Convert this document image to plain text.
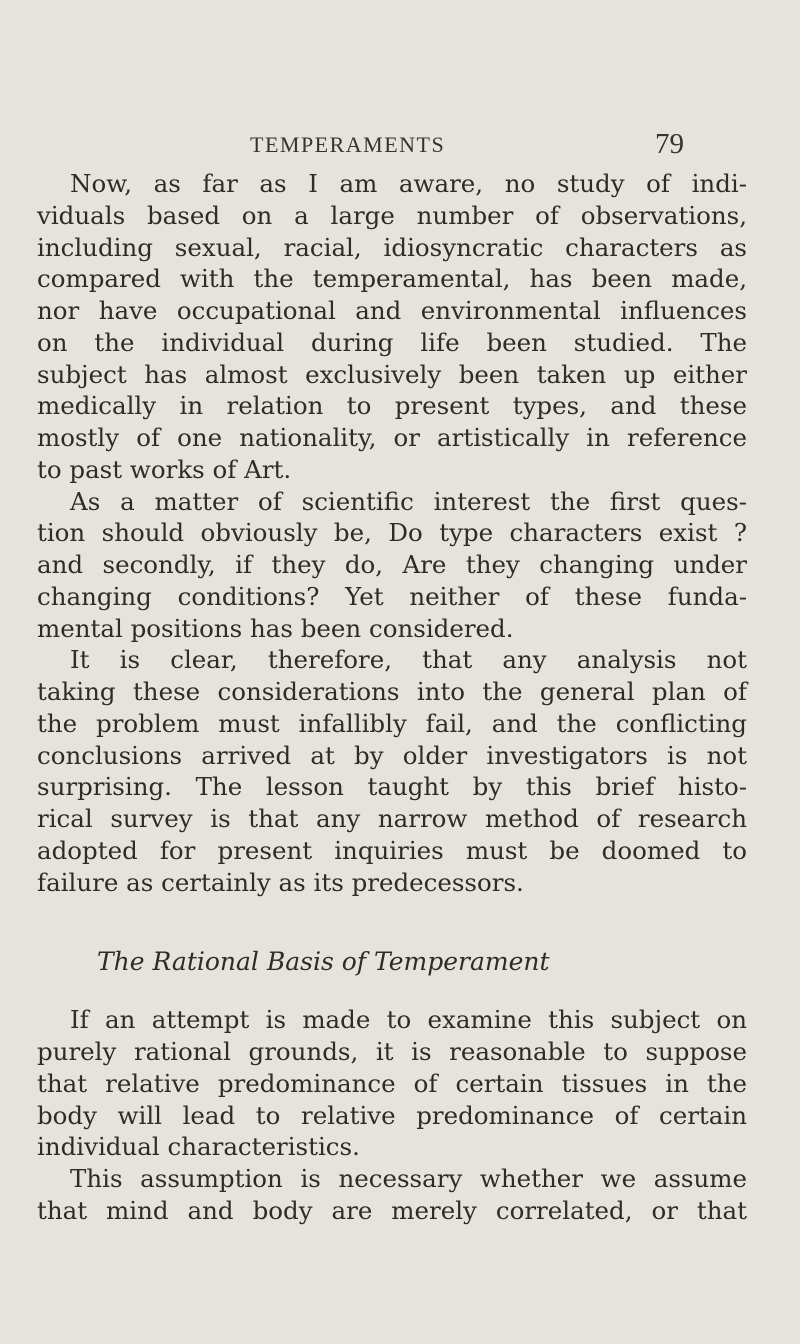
TEMPERAMENTS	79
Now, as far as I am aware, no study of indi-
viduals based on a large number of observations,
including sexual, racial, idiosyncratic characters as
compared with the temperamental, has been made,
nor have occupational and environmental influences
on the individual during life been studied. The
subject has almost exclusively been taken up either
medically in relation to present types, and these
mostly of one nationality, or artistically in reference
to past works of Art.
As a matter of scientific interest the first ques-
tion should obviously be, Do type characters exist ?
and secondly, if they do, Are they changing under
changing conditions? Yet neither of these funda-
mental positions has been considered.
It is clear, therefore, that any analysis not
taking these considerations into the general plan of
the problem must infallibly fail, and the conflicting
conclusions arrived at by older investigators is not
surprising. The lesson taught by this brief histo-
rical survey is that any narrow method of research
adopted for present inquiries must be doomed to
failure as certainly as its predecessors.
The Rational Basis of Temperament
If an attempt is made to examine this subject on
purely rational grounds, it is reasonable to suppose
that relative predominance of certain tissues in the
body will lead to relative predominance of certain
individual characteristics.
This assumption is necessary whether we assume
that mind and body are merely correlated, or that
